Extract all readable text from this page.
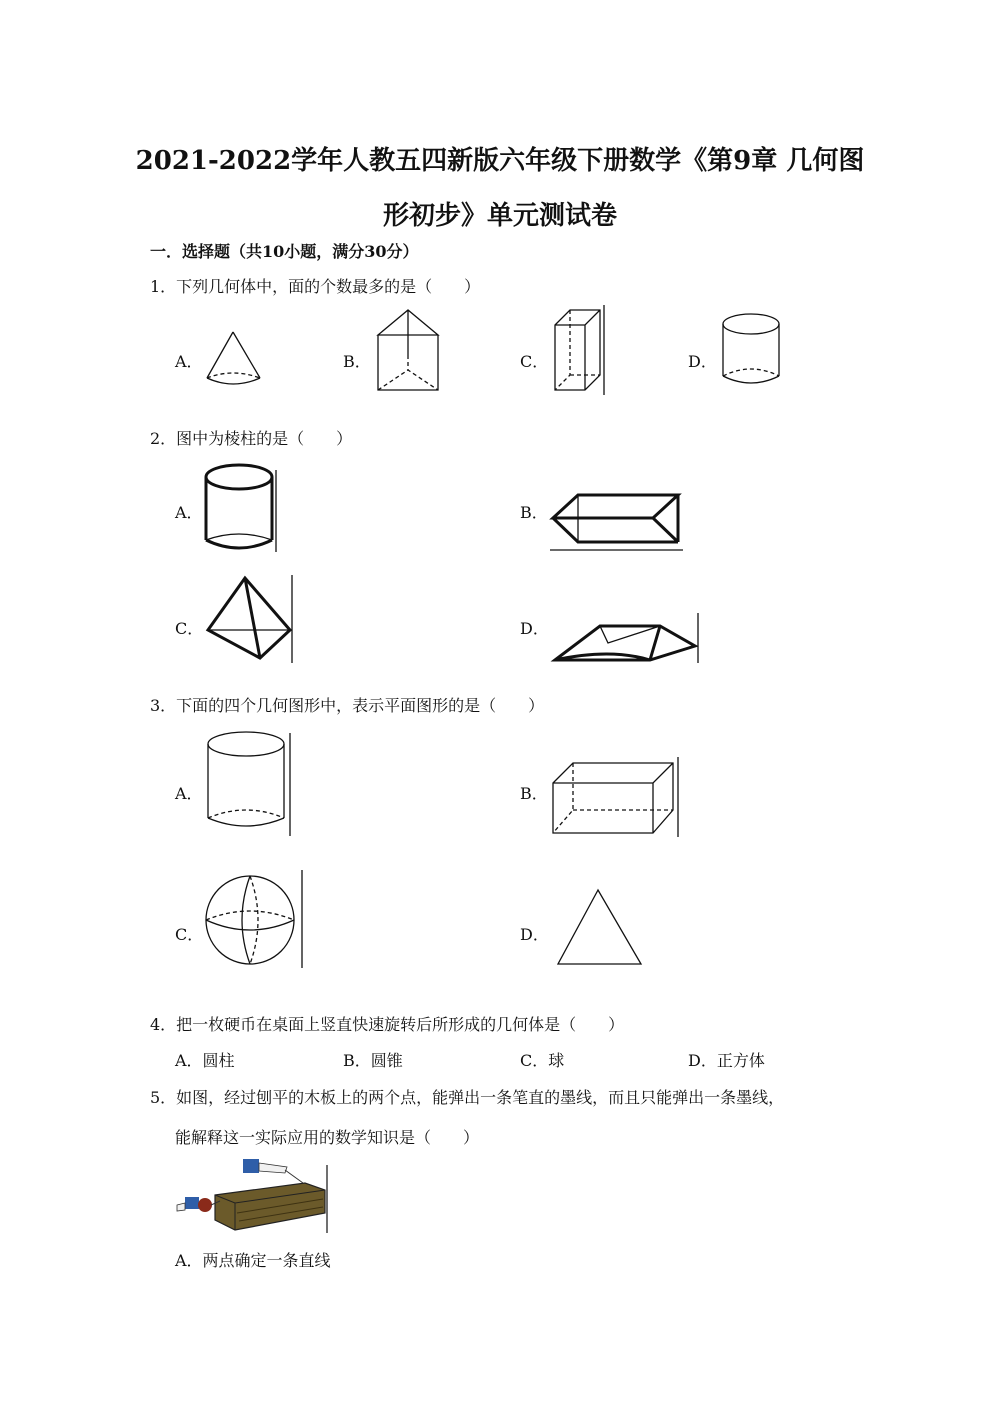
2021-2022学年人教五四新版六年级下册数学《第9章 几何图
形初步》单元测试卷
一．选择题（共10小题，满分30分）
1．下列几何体中，面的个数最多的是（　　）
A．	B．	C．	D．
2．图中为棱柱的是（　　）
A．	B．
C．	D．
3．下面的四个几何图形中，表示平面图形的是（　　）
A．	B．
C．	D．
4．把一枚硬币在桌面上竖直快速旋转后所形成的几何体是（　　）
A．圆柱	B．圆锥	C．球	D．正方体
5．如图，经过刨平的木板上的两个点，能弹出一条笔直的墨线，而且只能弹出一条墨线，
能解释这一实际应用的数学知识是（　　）
A．两点确定一条直线
